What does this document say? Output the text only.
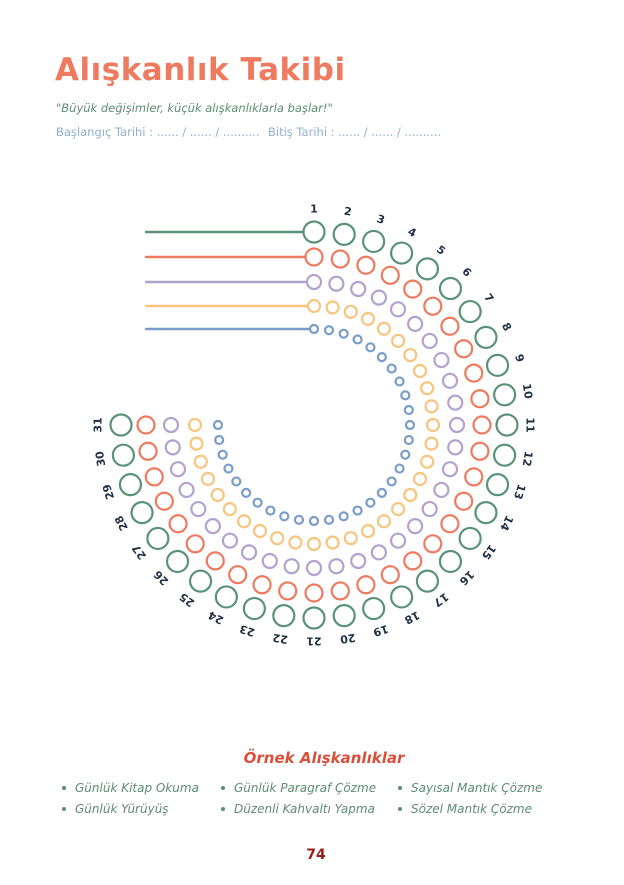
Alışkanlık Takibi
"Büyük değişimler, küçük alışkanlıklarla başlar!"
Başlangıç Tarihi : ...... / ...... / .......... Bitiş Tarihi : ...... / ...... / ..........
1 2
3
4
5
6
7
8
9
10
11
12
13
14
15
16
17
18
19
20
21
22
23
24
25
26
27
28
29
30
31
Örnek Alışkanlıklar
Günlük Kitap Okuma	Günlük Paragraf Çözme	Sayısal Mantık Çözme
Günlük Yürüyüş	Düzenli Kahvaltı Yapma	Sözel Mantık Çözme
74
